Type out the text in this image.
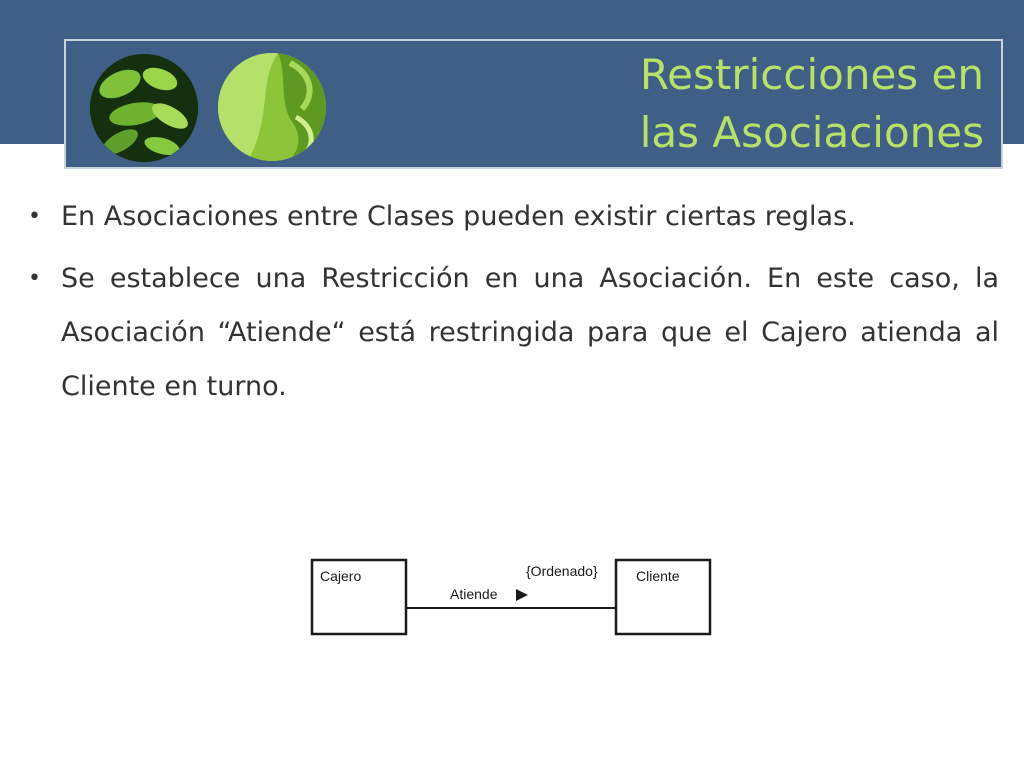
Restricciones en
las Asociaciones
• En Asociaciones entre Clases pueden existir ciertas reglas.
• Se establece una Restricción en una Asociación. En este caso, la Asociación “Atiende“ está restringida para que el Cajero atienda al Cliente en turno.
Cajero	Cliente
Atiende
{Ordenado}
